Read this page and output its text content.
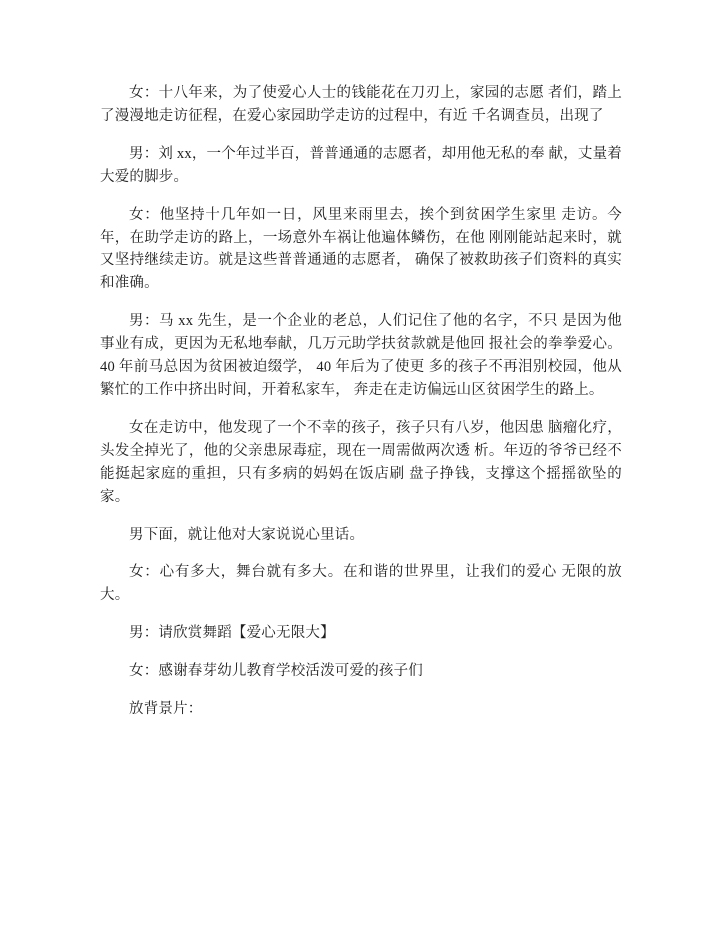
女：十八年来，为了使爱心人士的钱能花在刀刃上，家园的志愿 者们，踏上了漫漫地走访征程，在爱心家园助学走访的过程中，有近 千名调查员，出现了

男：刘 xx，一个年过半百，普普通通的志愿者，却用他无私的奉 献，丈量着大爱的脚步。

女：他坚持十几年如一日，风里来雨里去，挨个到贫困学生家里 走访。今年，在助学走访的路上，一场意外车祸让他遍体鳞伤，在他 刚刚能站起来时，就又坚持继续走访。就是这些普普通通的志愿者， 确保了被救助孩子们资料的真实和准确。

男：马 xx 先生，是一个企业的老总，人们记住了他的名字，不只 是因为他事业有成，更因为无私地奉献，几万元助学扶贫款就是他回 报社会的拳拳爱心。 40 年前马总因为贫困被迫缀学， 40 年后为了使更 多的孩子不再泪别校园，他从繁忙的工作中挤出时间，开着私家车， 奔走在走访偏远山区贫困学生的路上。

女在走访中，他发现了一个不幸的孩子，孩子只有八岁，他因患 脑瘤化疗，头发全掉光了，他的父亲患尿毒症，现在一周需做两次透 析。年迈的爷爷已经不能挺起家庭的重担，只有多病的妈妈在饭店刷 盘子挣钱，支撑这个摇摇欲坠的家。

男下面，就让他对大家说说心里话。

女：心有多大，舞台就有多大。在和谐的世界里，让我们的爱心 无限的放大。

男：请欣赏舞蹈【爱心无限大】

女：感谢春芽幼儿教育学校活泼可爱的孩子们

放背景片：
